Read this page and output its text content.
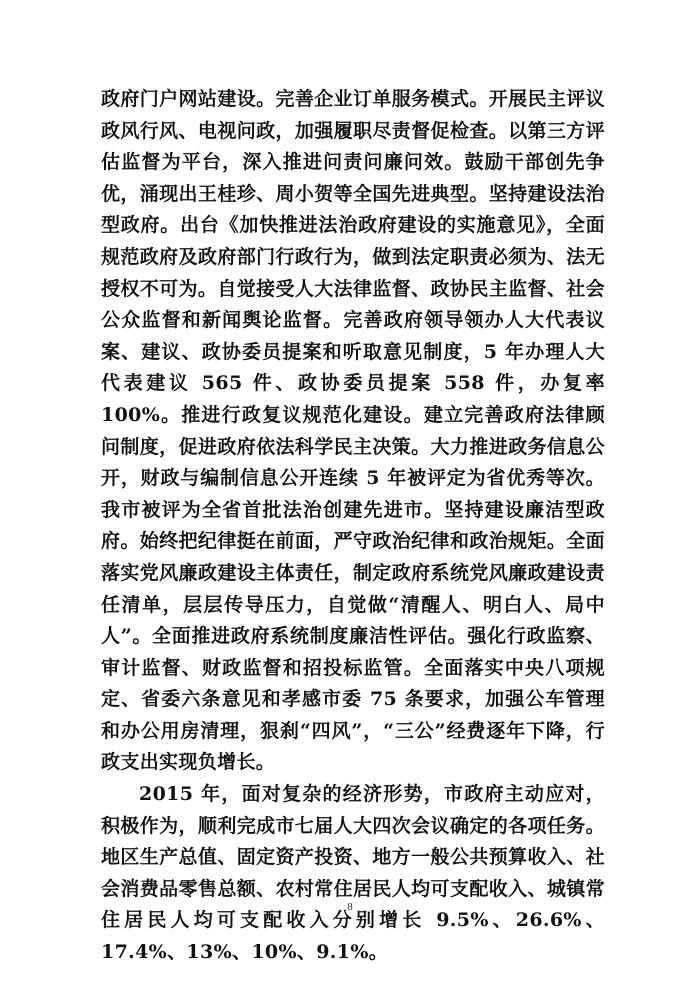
政府门户网站建设。完善企业订单服务模式。开展民主评议政风行风、电视问政，加强履职尽责督促检查。以第三方评估监督为平台，深入推进问责问廉问效。鼓励干部创先争优，涌现出王桂珍、周小贺等全国先进典型。坚持建设法治型政府。出台《加快推进法治政府建设的实施意见》，全面规范政府及政府部门行政行为，做到法定职责必须为、法无授权不可为。自觉接受人大法律监督、政协民主监督、社会公众监督和新闻舆论监督。完善政府领导领办人大代表议案、建议、政协委员提案和听取意见制度，5 年办理人大代表建议 565 件、政协委员提案 558 件，办复率 100%。推进行政复议规范化建设。建立完善政府法律顾问制度，促进政府依法科学民主决策。大力推进政务信息公开，财政与编制信息公开连续 5 年被评定为省优秀等次。我市被评为全省首批法治创建先进市。坚持建设廉洁型政府。始终把纪律挺在前面，严守政治纪律和政治规矩。全面落实党风廉政建设主体责任，制定政府系统党风廉政建设责任清单，层层传导压力，自觉做“清醒人、明白人、局中人”。全面推进政府系统制度廉洁性评估。强化行政监察、审计监督、财政监督和招投标监管。全面落实中央八项规定、省委六条意见和孝感市委 75 条要求，加强公车管理和办公用房清理，狠刹“四风”，“三公”经费逐年下降，行政支出实现负增长。

2015 年，面对复杂的经济形势，市政府主动应对，积极作为，顺利完成市七届人大四次会议确定的各项任务。地区生产总值、固定资产投资、地方一般公共预算收入、社会消费品零售总额、农村常住居民人均可支配收入、城镇常住居民人均可支配收入分别增长 9.5%、26.6%、17.4%、13%、10%、9.1%。

8
